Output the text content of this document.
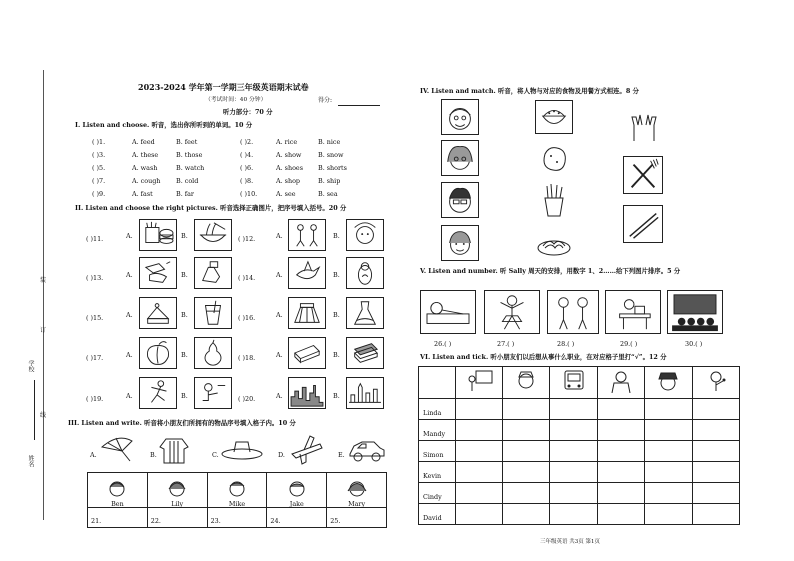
学校
装
订
线
姓名
2023-2024 学年第一学期三年级英语期末试卷
（考试时间：40 分钟）	得分:
听力部分：70 分
I. Listen and choose. 听音，选出你所听到的单词。10 分
( )1.	A. feed	B. feet
( )3.	A. these	B. those
( )5.	A. wash	B. watch
( )7.	A. cough B. cold
( )9.	A. fast	B. far
( )2.	A. rice	B. nice
( )4.	A. show	B. snow
( )6.	A. shoes B. shorts
( )8.	A. shop	B. ship
( )10.	A. see	B. sea
II. Listen and choose the right pictures. 听音选择正确图片，把序号填入括号。20 分
( )11.	A.	B.
( )13.	A.	B.
( )15.	A.	B.
( )17.	A.	B.
( )19.	A.	B.
( )12.	A.	B.
( )14.	A.	B.
( )16.	A.	B.
( )18.	A.	B.
( )20.	A.	B.
III. Listen and write. 听音将小朋友们所拥有的物品序号填入格子内。10 分
A.	B.	C.	D.	E.
Ben	Lily	Mike	Jake	Mary

21.	22.	23.	24.	25.
IV. Listen and match. 听音，将人物与对应的食物及用餐方式相连。8 分
V. Listen and number. 听 Sally 周天的安排，用数字 1、2……给下列图片排序。5 分
26.( )	27.( )	28.( )	29.( )	30.( )
VI. Listen and tick. 听小朋友们以后想从事什么职业，在对应格子里打“√”。12 分

Linda						
Mandy						
Simon						
Kevin						
Cindy						
David						
三年级英语 共3页 第1页
